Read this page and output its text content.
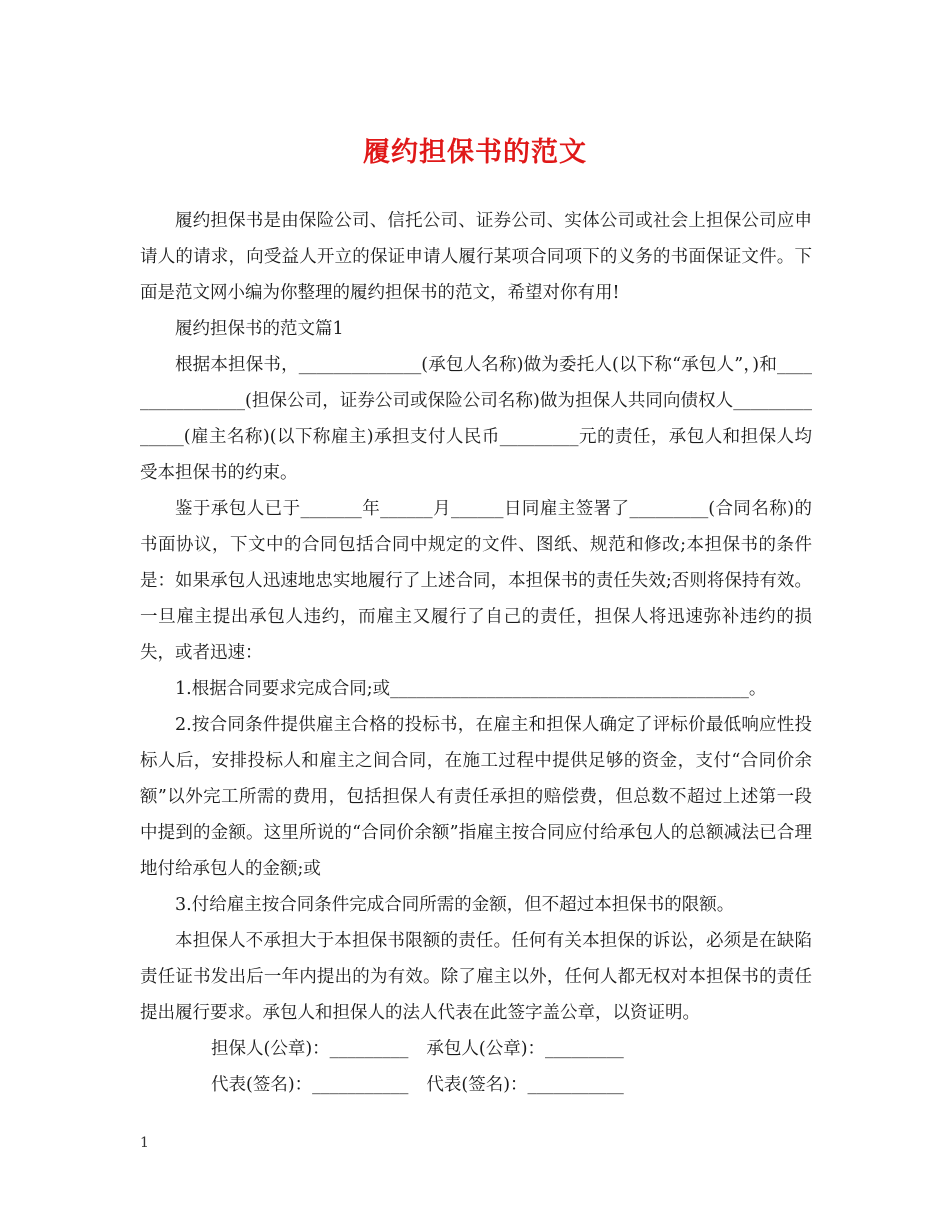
履约担保书的范文

履约担保书是由保险公司、信托公司、证券公司、实体公司或社会上担保公司应申请人的请求，向受益人开立的保证申请人履行某项合同项下的义务的书面保证文件。下面是范文网小编为你整理的履约担保书的范文，希望对你有用!

履约担保书的范文篇1

根据本担保书，______________(承包人名称)做为委托人(以下称“承包人”，)和________________(担保公司，证券公司或保险公司名称)做为担保人共同向债权人______________(雇主名称)(以下称雇主)承担支付人民币_________元的责任，承包人和担保人均受本担保书的约束。

鉴于承包人已于_______年______月______日同雇主签署了_________(合同名称)的书面协议，下文中的合同包括合同中规定的文件、图纸、规范和修改;本担保书的条件是：如果承包人迅速地忠实地履行了上述合同，本担保书的责任失效;否则将保持有效。一旦雇主提出承包人违约，而雇主又履行了自己的责任，担保人将迅速弥补违约的损失，或者迅速：

1.根据合同要求完成合同;或_________________________________________。

2.按合同条件提供雇主合格的投标书，在雇主和担保人确定了评标价最低响应性投标人后，安排投标人和雇主之间合同，在施工过程中提供足够的资金，支付“合同价余额”以外完工所需的费用，包括担保人有责任承担的赔偿费，但总数不超过上述第一段中提到的金额。这里所说的“合同价余额”指雇主按合同应付给承包人的总额减法已合理地付给承包人的金额;或

3.付给雇主按合同条件完成合同所需的金额，但不超过本担保书的限额。

本担保人不承担大于本担保书限额的责任。任何有关本担保的诉讼，必须是在缺陷责任证书发出后一年内提出的为有效。除了雇主以外，任何人都无权对本担保书的责任提出履行要求。承包人和担保人的法人代表在此签字盖公章，以资证明。

担保人(公章)：_________ 承包人(公章)：_________

代表(签名)：___________ 代表(签名)：___________

1
